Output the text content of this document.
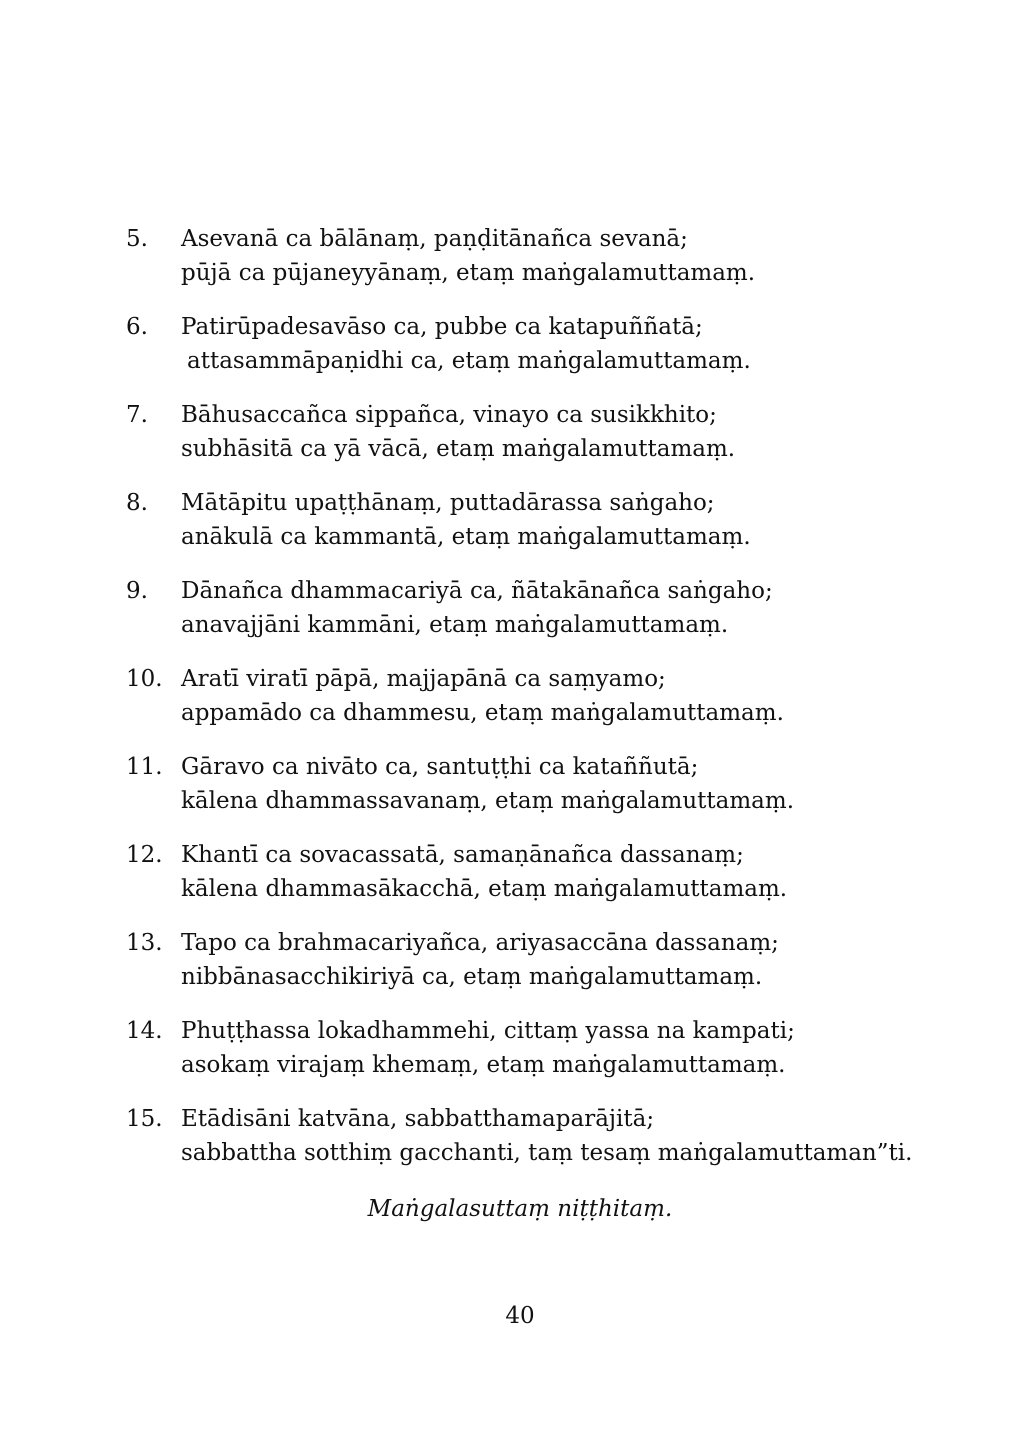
5. Asevanā ca bālānaṃ, paṇḍitānañca sevanā;
pūjā ca pūjaneyyānaṃ, etaṃ maṅgalamuttamaṃ.
6. Patirūpadesavāso ca, pubbe ca katapuññatā;
attasammāpaṇidhi ca, etaṃ maṅgalamuttamaṃ.
7. Bāhusaccañca sippañca, vinayo ca susikkhito;
subhāsitā ca yā vācā, etaṃ maṅgalamuttamaṃ.
8. Mātāpitu upaṭṭhānaṃ, puttadārassa saṅgaho;
anākulā ca kammantā, etaṃ maṅgalamuttamaṃ.
9. Dānañca dhammacariyā ca, ñātakānañca saṅgaho;
anavajjāni kammāni, etaṃ maṅgalamuttamaṃ.
10. Aratī viratī pāpā, majjapānā ca saṃyamo;
appamādo ca dhammesu, etaṃ maṅgalamuttamaṃ.
11. Gāravo ca nivāto ca, santuṭṭhi ca kataññutā;
kālena dhammassavanaṃ, etaṃ maṅgalamuttamaṃ.
12. Khantī ca sovacassatā, samaṇānañca dassanaṃ;
kālena dhammasākacchā, etaṃ maṅgalamuttamaṃ.
13. Tapo ca brahmacariyañca, ariyasaccāna dassanaṃ;
nibbānasacchikiriyā ca, etaṃ maṅgalamuttamaṃ.
14. Phuṭṭhassa lokadhammehi, cittaṃ yassa na kampati;
asokaṃ virajaṃ khemaṃ, etaṃ maṅgalamuttamaṃ.
15. Etādisāni katvāna, sabbatthamaparājitā;
sabbattha sotthiṃ gacchanti, taṃ tesaṃ maṅgalamuttaman”ti.
Maṅgalasuttaṃ niṭṭhitaṃ.
40
